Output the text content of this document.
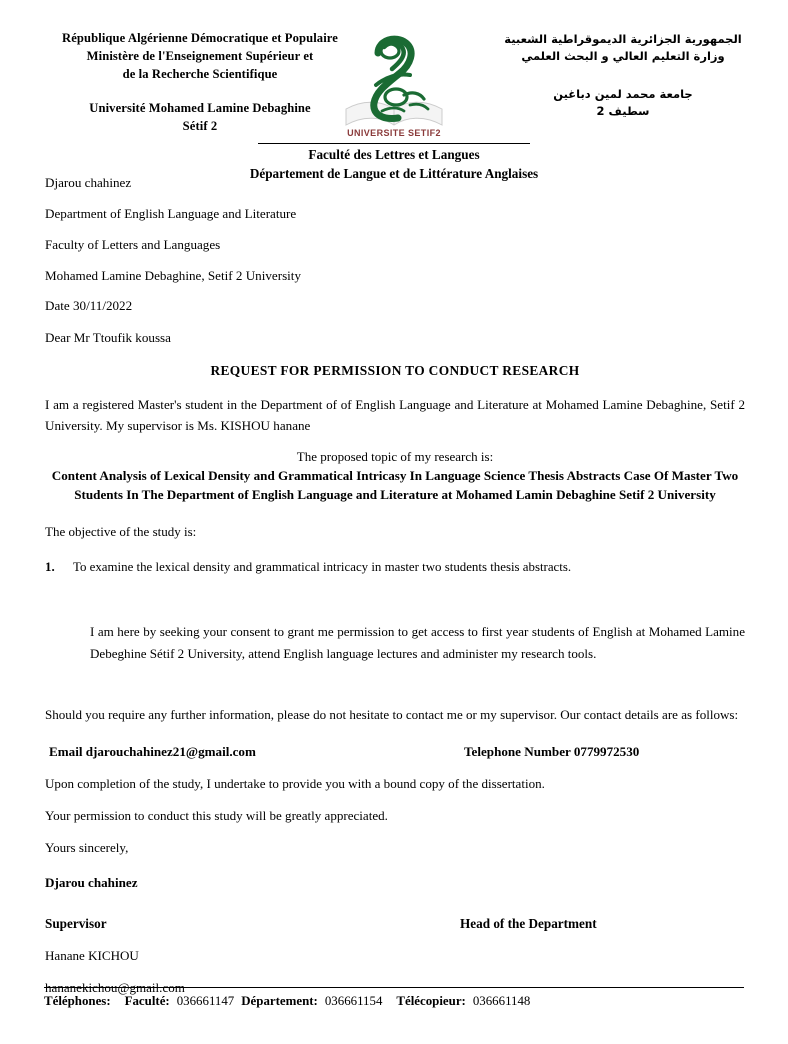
République Algérienne Démocratique et Populaire
Ministère de l'Enseignement Supérieur et
de la Recherche Scientifique
Université Mohamed Lamine Debaghine
Sétif 2
UNIVERSITE SETIF2
الجمهورية الجزائرية الديموقراطية الشعبية
وزارة التعليم العالي و البحث العلمي
جامعة محمد لمين دباغين
سطيف 2
Faculté des Lettres et Langues
Département de Langue et de Littérature Anglaises
Djarou chahinez
Department of English Language and Literature
Faculty of Letters and Languages
Mohamed Lamine Debaghine, Setif 2 University
Date 30/11/2022
Dear Mr Ttoufik koussa
REQUEST FOR PERMISSION TO CONDUCT RESEARCH
I am a registered Master's student in the Department of of English Language and Literature at Mohamed Lamine Debaghine, Setif 2 University. My supervisor is Ms. KISHOU hanane
The proposed topic of my research is:
Content Analysis of Lexical Density and Grammatical Intricasy In Language Science Thesis Abstracts Case Of Master Two Students In The Department of English Language and Literature at Mohamed Lamin Debaghine Setif 2 University
The objective of the study is:
1.	To examine the lexical density and grammatical intricacy in master two students thesis abstracts.
I am here by seeking your consent to grant me permission to get access to first year students of English at Mohamed Lamine Debeghine Sétif 2 University, attend English language lectures and administer my research tools.
Should you require any further information, please do not hesitate to contact me or my supervisor. Our contact details are as follows:
Email djarouchahinez21@gmail.com	Telephone Number 0779972530
Upon completion of the study, I undertake to provide you with a bound copy of the dissertation.
Your permission to conduct this study will be greatly appreciated.
Yours sincerely,
Djarou chahinez
Supervisor	Head of the Department
Hanane KICHOU
hananekichou@gmail.com
Téléphones: Faculté: 036661147 Département: 036661154 Télécopieur: 036661148
